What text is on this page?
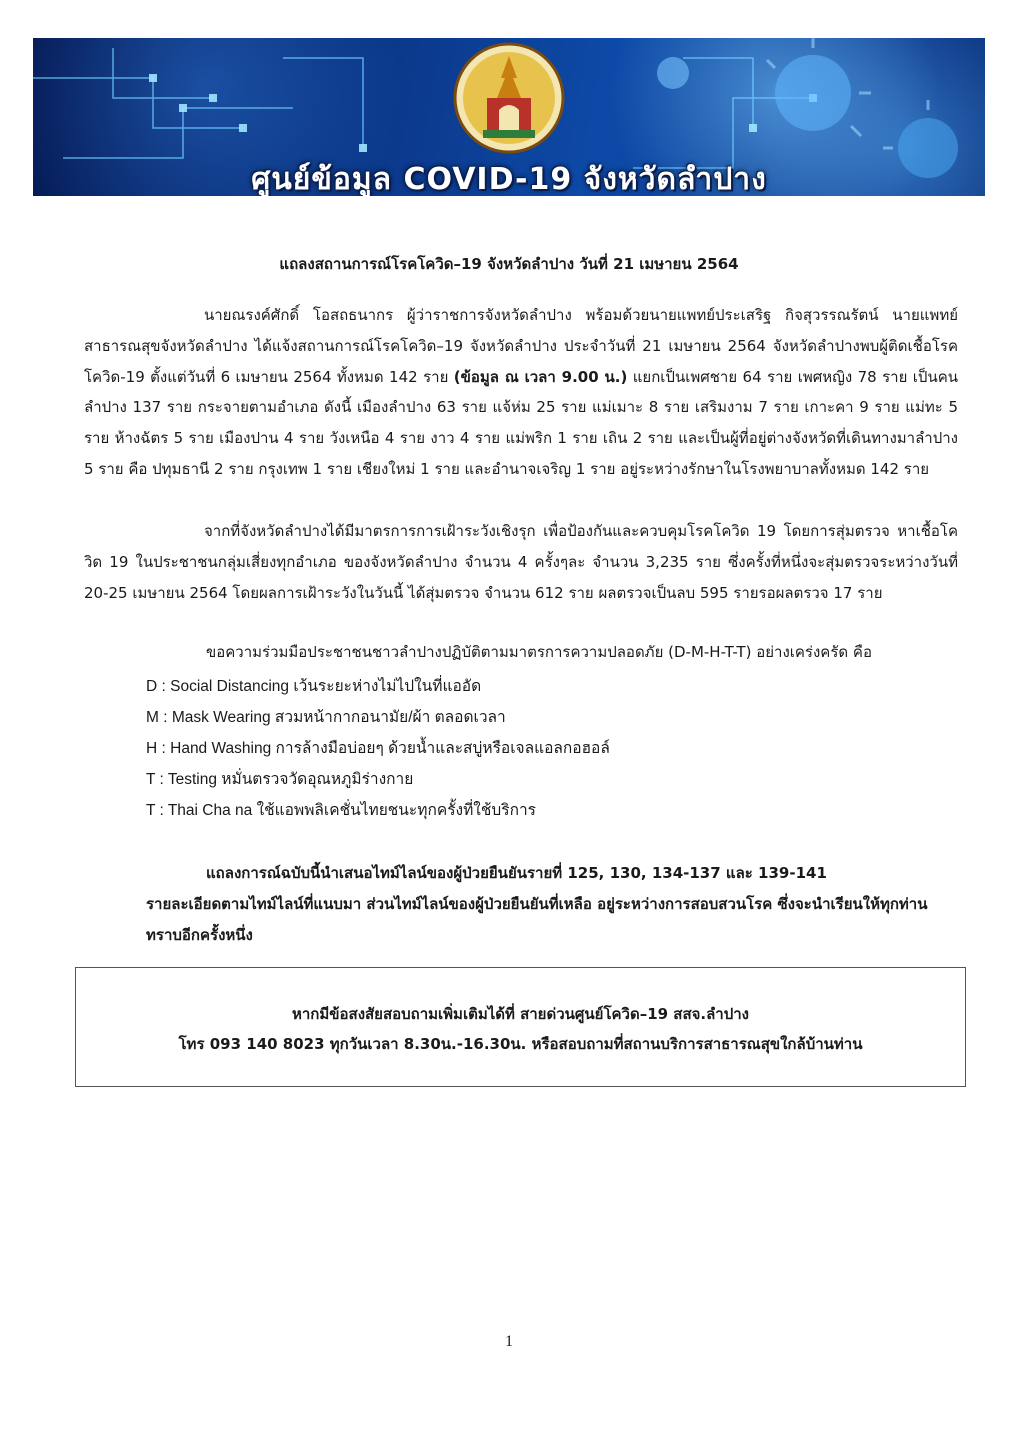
ศูนย์ข้อมูล COVID-19 จังหวัดลำปาง
แถลงสถานการณ์โรคโควิด–19 จังหวัดลำปาง วันที่ 21 เมษายน 2564
นายณรงค์ศักดิ์ โอสถธนากร ผู้ว่าราชการจังหวัดลำปาง พร้อมด้วยนายแพทย์ประเสริฐ กิจสุวรรณรัตน์ นายแพทย์สาธารณสุขจังหวัดลำปาง ได้แจ้งสถานการณ์โรคโควิด–19 จังหวัดลำปาง ประจำวันที่ 21 เมษายน 2564 จังหวัดลำปางพบผู้ติดเชื้อโรคโควิด-19 ตั้งแต่วันที่ 6 เมษายน 2564 ทั้งหมด 142 ราย (ข้อมูล ณ เวลา 9.00 น.) แยกเป็นเพศชาย 64 ราย เพศหญิง 78 ราย เป็นคนลำปาง 137 ราย กระจายตามอำเภอ ดังนี้ เมืองลำปาง 63 ราย แจ้ห่ม 25 ราย แม่เมาะ 8 ราย เสริมงาม 7 ราย เกาะคา 9 ราย แม่ทะ 5 ราย ห้างฉัตร 5 ราย เมืองปาน 4 ราย วังเหนือ 4 ราย งาว 4 ราย แม่พริก 1 ราย เถิน 2 ราย และเป็นผู้ที่อยู่ต่างจังหวัดที่เดินทางมาลำปาง 5 ราย คือ ปทุมธานี 2 ราย กรุงเทพ 1 ราย เชียงใหม่ 1 ราย และอำนาจเจริญ 1 ราย อยู่ระหว่างรักษาในโรงพยาบาลทั้งหมด 142 ราย
จากที่จังหวัดลำปางได้มีมาตรการการเฝ้าระวังเชิงรุก เพื่อป้องกันและควบคุมโรคโควิด 19 โดยการสุ่มตรวจ หาเชื้อโควิด 19 ในประชาชนกลุ่มเสี่ยงทุกอำเภอ ของจังหวัดลำปาง จำนวน 4 ครั้งๆละ จำนวน 3,235 ราย ซึ่งครั้งที่หนึ่งจะสุ่มตรวจระหว่างวันที่ 20-25 เมษายน 2564 โดยผลการเฝ้าระวังในวันนี้ ได้สุ่มตรวจ จำนวน 612 ราย ผลตรวจเป็นลบ 595 รายรอผลตรวจ 17 ราย
ขอความร่วมมือประชาชนชาวลำปางปฏิบัติตามมาตรการความปลอดภัย (D-M-H-T-T) อย่างเคร่งครัด คือ
D : Social Distancing เว้นระยะห่างไม่ไปในที่แออัด
M : Mask Wearing สวมหน้ากากอนามัย/ผ้า ตลอดเวลา
H : Hand Washing การล้างมือบ่อยๆ ด้วยน้ำและสบู่หรือเจลแอลกอฮอล์
T : Testing หมั่นตรวจวัดอุณหภูมิร่างกาย
T : Thai Cha na ใช้แอพพลิเคชั่นไทยชนะทุกครั้งที่ใช้บริการ
แถลงการณ์ฉบับนี้นำเสนอไทม์ไลน์ของผู้ป่วยยืนยันรายที่ 125, 130, 134-137 และ 139-141
รายละเอียดตามไทม์ไลน์ที่แนบมา ส่วนไทม์ไลน์ของผู้ป่วยยืนยันที่เหลือ อยู่ระหว่างการสอบสวนโรค ซึ่งจะนำเรียนให้ทุกท่านทราบอีกครั้งหนึ่ง
หากมีข้อสงสัยสอบถามเพิ่มเติมได้ที่ สายด่วนศูนย์โควิด–19 สสจ.ลำปาง
โทร 093 140 8023 ทุกวันเวลา 8.30น.-16.30น. หรือสอบถามที่สถานบริการสาธารณสุขใกล้บ้านท่าน
1
